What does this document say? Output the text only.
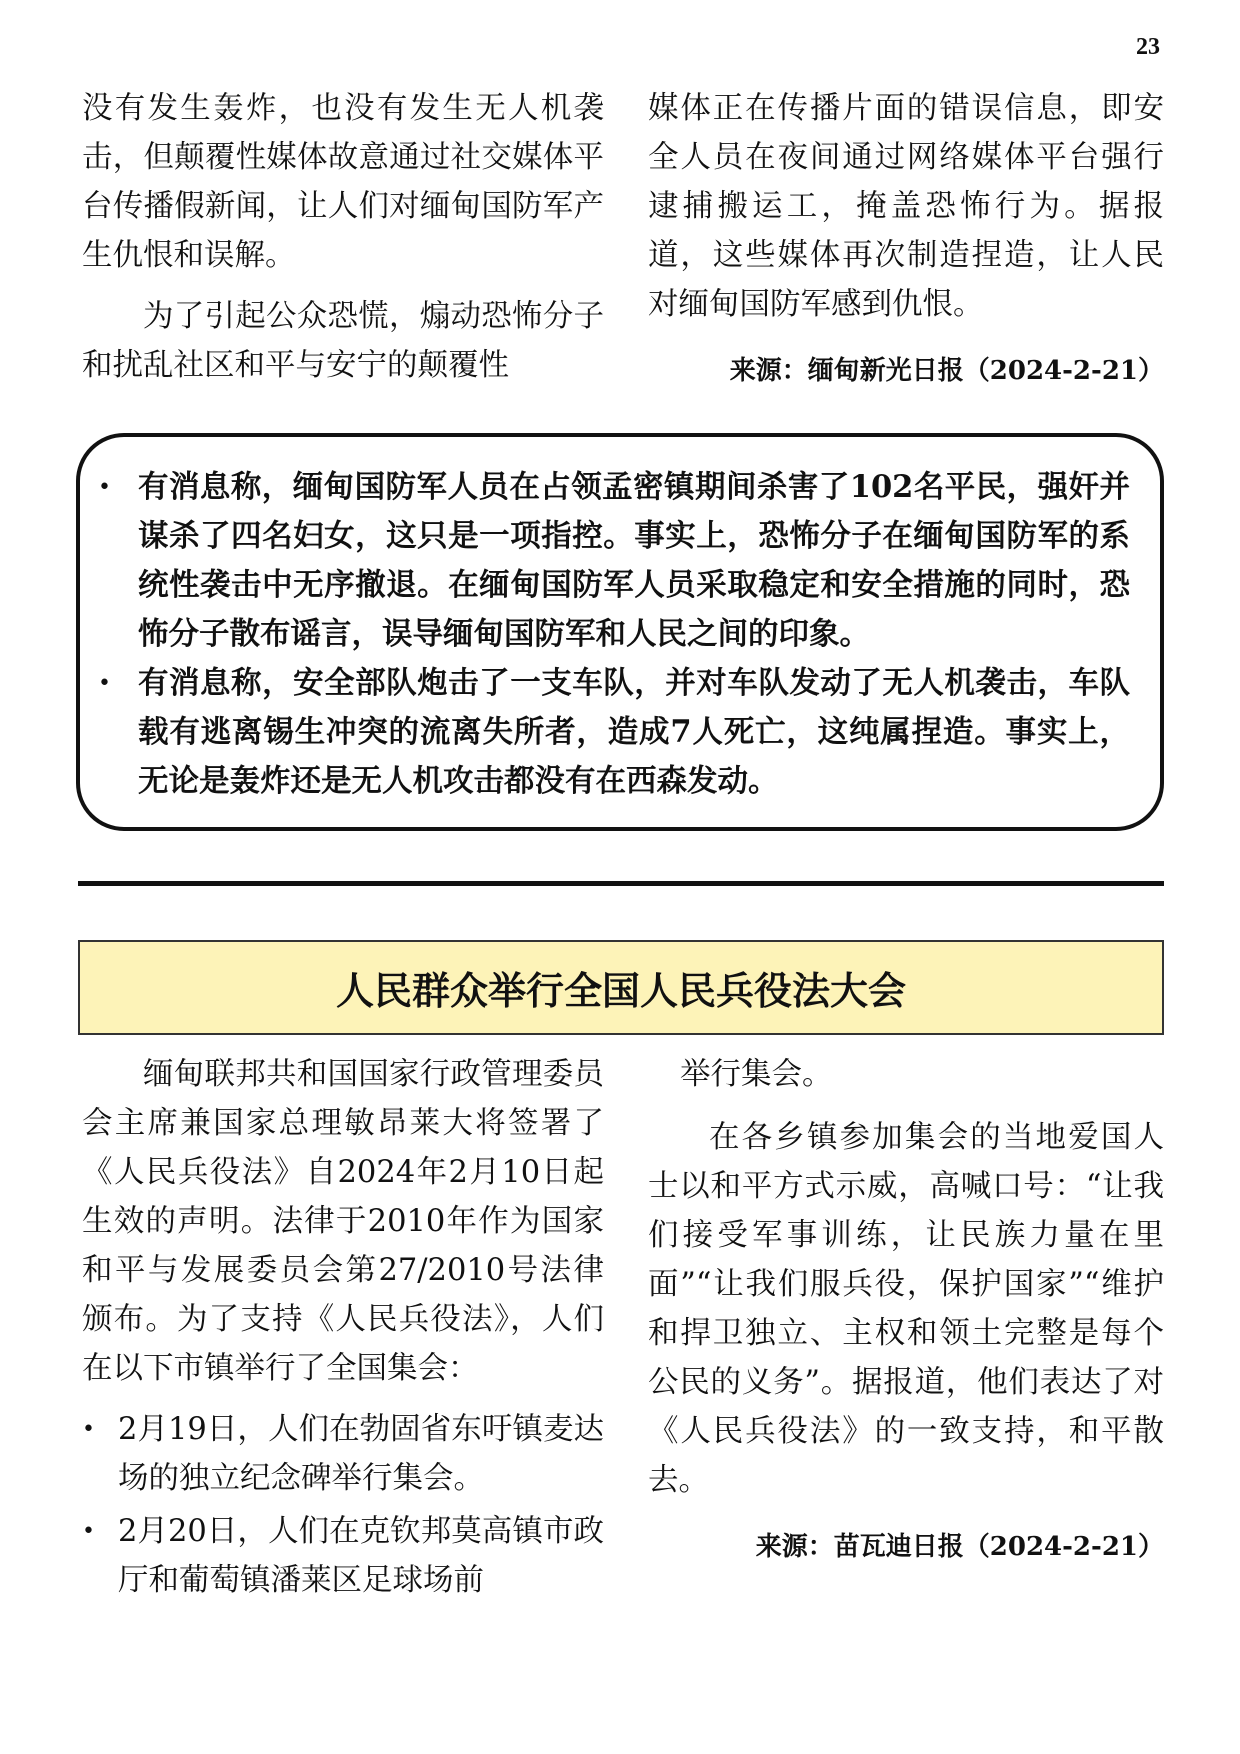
23

没有发生轰炸，也没有发生无人机袭击，但颠覆性媒体故意通过社交媒体平台传播假新闻，让人们对缅甸国防军产生仇恨和误解。

为了引起公众恐慌，煽动恐怖分子和扰乱社区和平与安宁的颠覆性

媒体正在传播片面的错误信息，即安全人员在夜间通过网络媒体平台强行逮捕搬运工，掩盖恐怖行为。据报道，这些媒体再次制造捏造，让人民对缅甸国防军感到仇恨。

来源：缅甸新光日报（2024-2-21）
• 有消息称，缅甸国防军人员在占领孟密镇期间杀害了102名平民，强奸并谋杀了四名妇女，这只是一项指控。事实上，恐怖分子在缅甸国防军的系统性袭击中无序撤退。在缅甸国防军人员采取稳定和安全措施的同时，恐怖分子散布谣言，误导缅甸国防军和人民之间的印象。
• 有消息称，安全部队炮击了一支车队，并对车队发动了无人机袭击，车队载有逃离锡生冲突的流离失所者，造成7人死亡，这纯属捏造。事实上，无论是轰炸还是无人机攻击都没有在西森发动。
人民群众举行全国人民兵役法大会

缅甸联邦共和国国家行政管理委员会主席兼国家总理敏昂莱大将签署了《人民兵役法》自2024年2月10日起生效的声明。法律于2010年作为国家和平与发展委员会第27/2010号法律颁布。为了支持《人民兵役法》，人们在以下市镇举行了全国集会：

• 2月19日，人们在勃固省东吁镇麦达场的独立纪念碑举行集会。
• 2月20日，人们在克钦邦莫高镇市政厅和葡萄镇潘莱区足球场前

举行集会。

在各乡镇参加集会的当地爱国人士以和平方式示威，高喊口号：“让我们接受军事训练，让民族力量在里面”“让我们服兵役，保护国家”“维护和捍卫独立、主权和领土完整是每个公民的义务”。据报道，他们表达了对《人民兵役法》的一致支持，和平散去。

来源：苗瓦迪日报（2024-2-21）
